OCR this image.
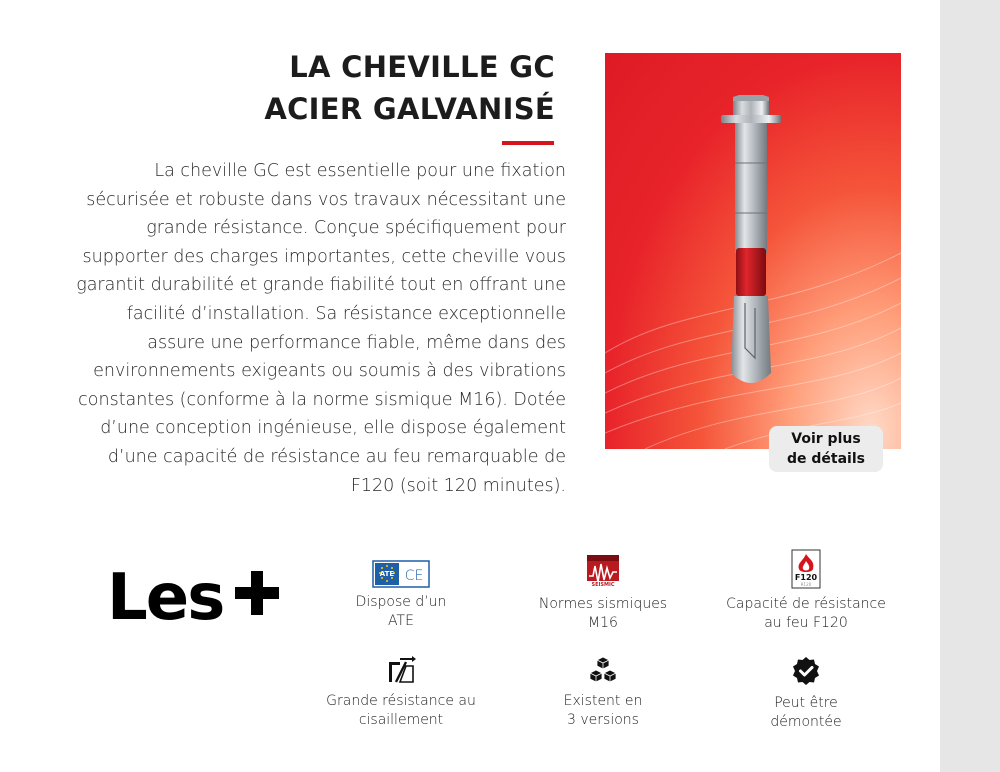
LA CHEVILLE GC
ACIER GALVANISÉ

La cheville GC est essentielle pour une fixation sécurisée et robuste dans vos travaux nécessitant une grande résistance. Conçue spécifiquement pour supporter des charges importantes, cette cheville vous garantit durabilité et grande fiabilité tout en offrant une facilité d’installation. Sa résistance exceptionnelle assure une performance fiable, même dans des environnements exigeants ou soumis à des vibrations constantes (conforme à la norme sismique M16). Dotée d’une conception ingénieuse, elle dispose également d’une capacité de résistance au feu remarquable de F120 (soit 120 minutes).

Voir plus
de détails
Les	ATE CE
Dispose d’un
ATE
SEISMIC
Normes sismiques
M16
F120
R120
Capacité de résistance
au feu F120
Grande résistance au
cisaillement
Existent en
3 versions
Peut être
démontée
